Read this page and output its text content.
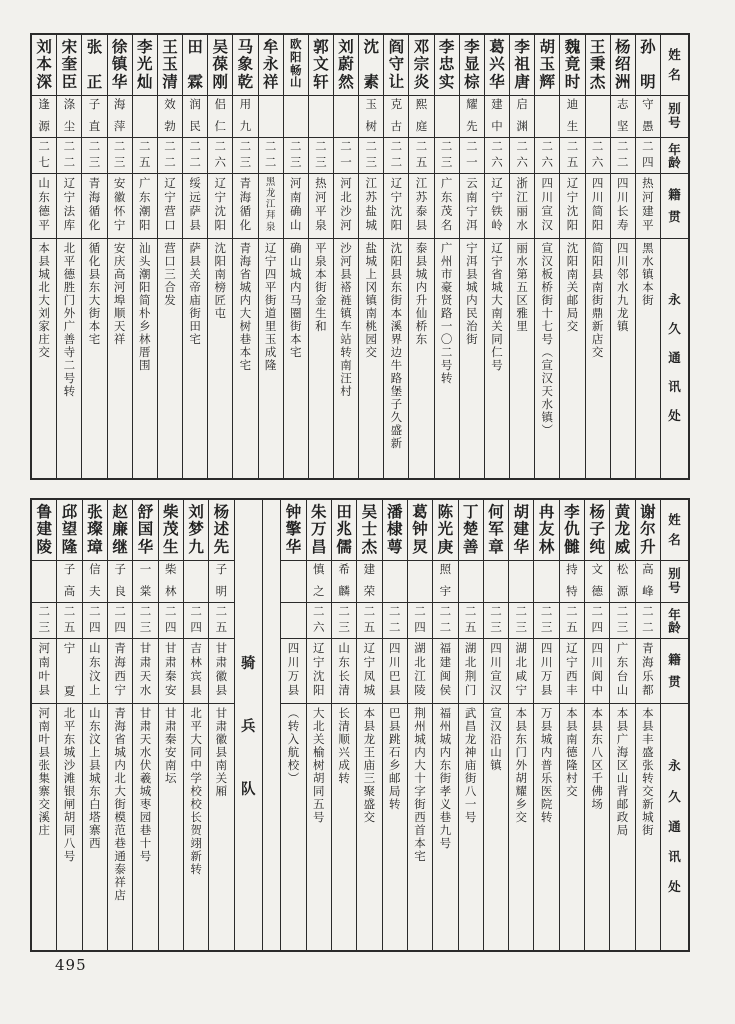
姓
名
别
号
年
龄
籍
贯
永
久
通
讯
处
孙
明
守
愚
二
四
热
河
建
平
黑
水
镇
本
街
杨
绍
洲
志
坚
二
二
四
川
长
寿
四
川
邻
水
九
龙
镇
王
秉
杰
二
六
四
川
简
阳
简
阳
县
南
街
鼎
新
店
交
魏
竟
时
迪
生
二
五
辽
宁
沈
阳
沈
阳
南
关
邮
局
交
胡
玉
辉
二
六
四
川
宣
汉
宣
汉
板
桥
街
十
七
号
︵
宣
汉
天
水
镇
︶
李
祖
唐
启
渊
二
六
浙
江
丽
水
丽
水
第
五
区
雅
里
葛
兴
华
建
中
二
六
辽
宁
铁
岭
辽
宁
省
城
大
南
关
同
仁
号
李
显
棕
耀
先
二
一
云
南
宁
洱
宁
洱
县
城
内
民
治
街
李
忠
实
二
三
广
东
茂
名
广
州
市
豪
贤
路
一
〇
二
号
转
邓
宗
炎
熙
庭
二
五
江
苏
泰
县
泰
县
城
内
升
仙
桥
东
阎
守
让
克
古
二
二
辽
宁
沈
阳
沈
阳
县
东
街
本
溪
界
边
牛
路
堡
子
久
盛
新
沈
素
玉
树
二
三
江
苏
盐
城
盐
城
上
冈
镇
南
桃
园
交
刘
蔚
然
二
一
河
北
沙
河
沙
河
县
褡
裢
镇
车
站
转
南
汪
村
郭
文
轩
二
三
热
河
平
泉
平
泉
本
街
金
生
和
欧
阳
畅
山
二
三
河
南
确
山
确
山
城
内
马
圈
街
本
宅
牟
永
祥
二
二
黑
龙
江
拜
泉
辽
宁
四
平
街
道
里
玉
成
隆
马
象
乾
用
九
二
三
青
海
循
化
青
海
省
城
内
大
树
巷
本
宅
吴
葆
刚
侣
仁
二
六
辽
宁
沈
阳
沈
阳
南
榜
匠
屯
田
霖
润
民
二
二
绥
远
萨
县
萨
县
关
帝
庙
街
田
宅
王
玉
清
效
勃
二
二
辽
宁
营
口
营
口
三
合
发
李
光
灿
二
五
广
东
潮
阳
汕
头
潮
阳
简
朴
乡
林
厝
围
徐
镇
华
海
萍
二
三
安
徽
怀
宁
安
庆
高
河
埠
顺
天
祥
张
正
子
直
二
三
青
海
循
化
循
化
县
东
大
街
本
宅
宋
奎
臣
涤
尘
二
二
辽
宁
法
库
北
平
德
胜
门
外
广
善
寺
二
号
转
刘
本
深
逢
源
二
七
山
东
德
平
本
县
城
北
大
刘
家
庄
交
姓
名
别
号
年
龄
籍
贯
永
久
通
讯
处
谢
尔
升
高
峰
二
二
青
海
乐
都
本
县
丰
盛
张
转
交
新
城
街
黄
龙
威
松
源
二
三
广
东
台
山
本
县
广
海
区
山
背
邮
政
局
杨
子
纯
文
德
二
四
四
川
阆
中
本
县
东
八
区
千
佛
场
李
仇
雠
持
特
二
五
辽
宁
西
丰
本
县
南
德
隆
村
交
冉
友
林
二
三
四
川
万
县
万
县
城
内
普
乐
医
院
转
胡
建
华
二
三
湖
北
咸
宁
本
县
东
门
外
胡
耀
乡
交
何
军
章
二
三
四
川
宣
汉
宣
汉
沿
山
镇
丁
楚
善
二
五
湖
北
荆
门
武
昌
龙
神
庙
街
八
一
号
陈
光
庚
照
宇
二
二
福
建
闽
侯
福
州
城
内
东
街
孝
义
巷
九
号
葛
钟
炅
二
四
湖
北
江
陵
荆
州
城
内
大
十
字
街
西
首
本
宅
潘
棣
萼
二
二
四
川
巴
县
巴
县
跳
石
乡
邮
局
转
吴
士
杰
建
荣
二
五
辽
宁
凤
城
本
县
龙
王
庙
三
聚
盛
交
田
兆
儒
希
麟
二
三
山
东
长
清
长
清
顺
兴
成
转
朱
万
昌
慎
之
二
六
辽
宁
沈
阳
大
北
关
榆
树
胡
同
五
号
钟
擎
华
四
川
万
县
︵
转
入
航
校
︶
骑
兵
队
杨
述
先
子
明
二
五
甘
肃
徽
县
甘
肃
徽
县
南
关
厢
刘
梦
九
二
四
吉
林
宾
县
北
平
大
同
中
学
校
校
长
贺
翊
新
转
柴
茂
生
柴
林
二
四
甘
肃
秦
安
甘
肃
秦
安
南
坛
舒
国
华
一
棠
二
三
甘
肃
天
水
甘
肃
天
水
伏
羲
城
枣
园
巷
十
号
赵
廉
继
子
良
二
四
青
海
西
宁
青
海
省
城
内
北
大
街
模
范
巷
通
泰
祥
店
张
璨
璋
信
夫
二
四
山
东
汶
上
山
东
汶
上
县
城
东
白
塔
寨
西
邱
望
隆
子
高
二
五
宁
夏
北
平
东
城
沙
滩
银
闸
胡
同
八
号
鲁
建
陵
二
三
河
南
叶
县
河
南
叶
县
张
集
寨
交
溪
庄
495
